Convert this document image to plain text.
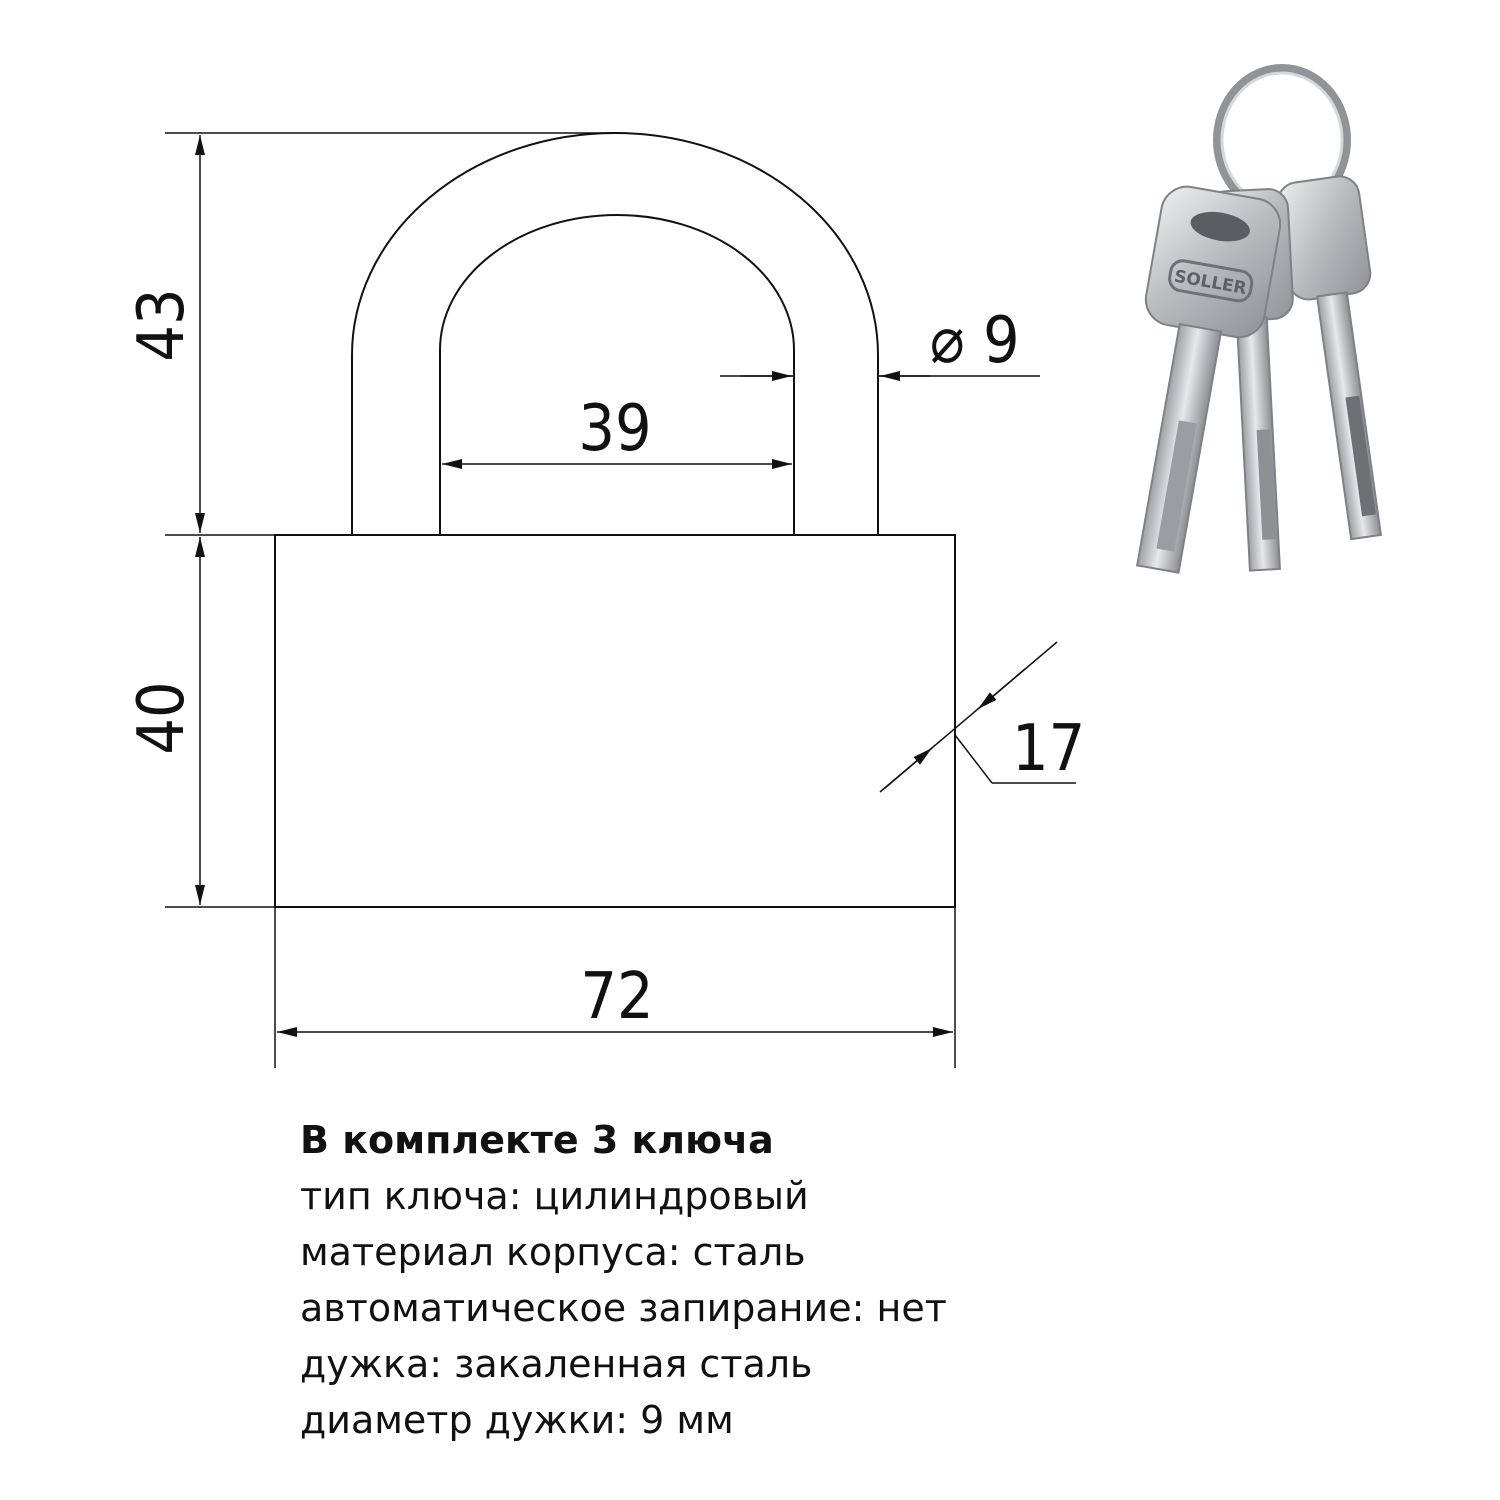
43
40
72
39
⌀ 9
17
SOLLER
В комплекте 3 ключа
тип ключа: цилиндровый
материал корпуса: сталь
автоматическое запирание: нет
дужка: закаленная сталь
диаметр дужки: 9 мм
